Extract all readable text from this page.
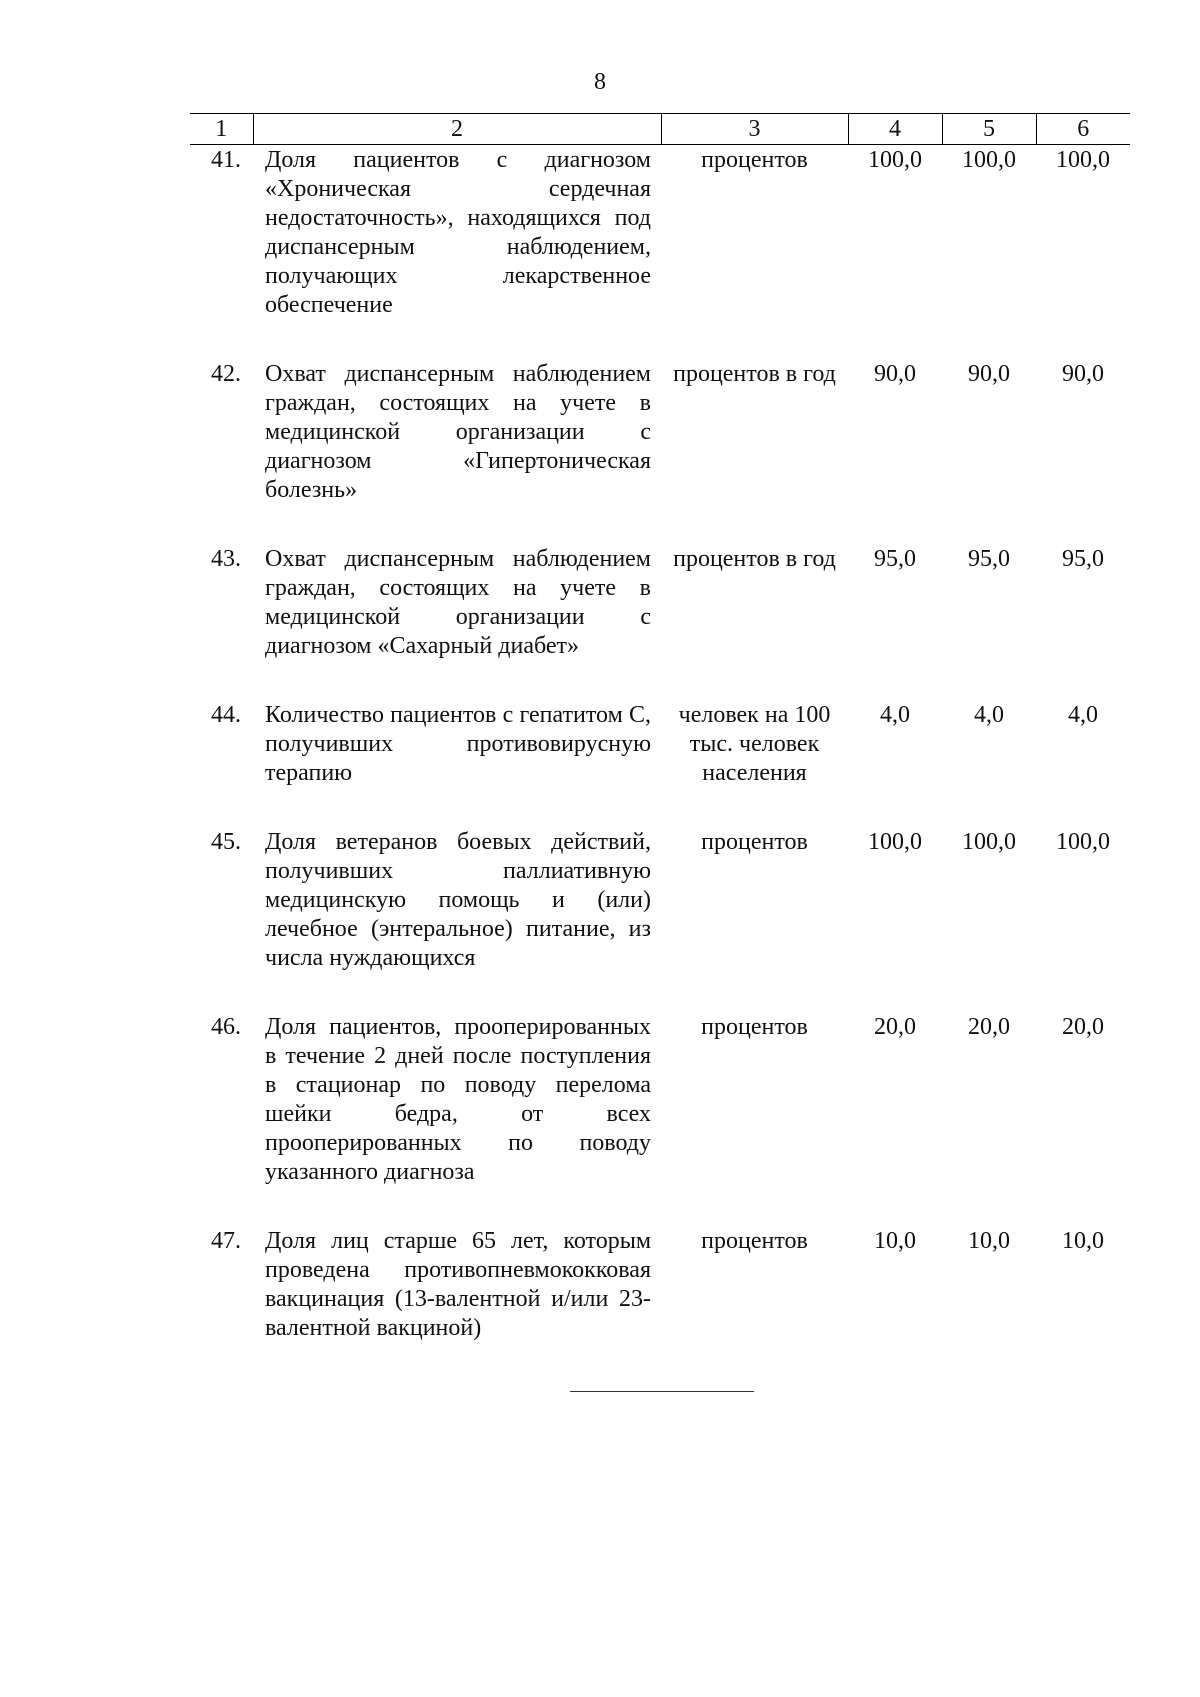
8
1	2	3	4	5	6
41.	Доля пациентов с диагнозом «Хроническая сердечная недостаточность», находящихся под диспансерным наблюдением, получающих лекарственное обеспечение	процентов	100,0	100,0	100,0
42.	Охват диспансерным наблюдением граждан, состоящих на учете в медицинской организации с диагнозом «Гипертоническая болезнь»	процентов в год	90,0	90,0	90,0
43.	Охват диспансерным наблюдением граждан, состоящих на учете в медицинской организации с диагнозом «Сахарный диабет»	процентов в год	95,0	95,0	95,0
44.	Количество пациентов с гепатитом С, получивших противовирусную терапию	человек на 100 тыс. человек населения	4,0	4,0	4,0
45.	Доля ветеранов боевых действий, получивших паллиативную медицинскую помощь и (или) лечебное (энтеральное) питание, из числа нуждающихся	процентов	100,0	100,0	100,0
46.	Доля пациентов, прооперированных в течение 2 дней после поступления в стационар по поводу перелома шейки бедра, от всех прооперированных по поводу указанного диагноза	процентов	20,0	20,0	20,0
47.	Доля лиц старше 65 лет, которым проведена противопневмококковая вакцинация (13-валентной и/или 23-валентной вакциной)	процентов	10,0	10,0	10,0
